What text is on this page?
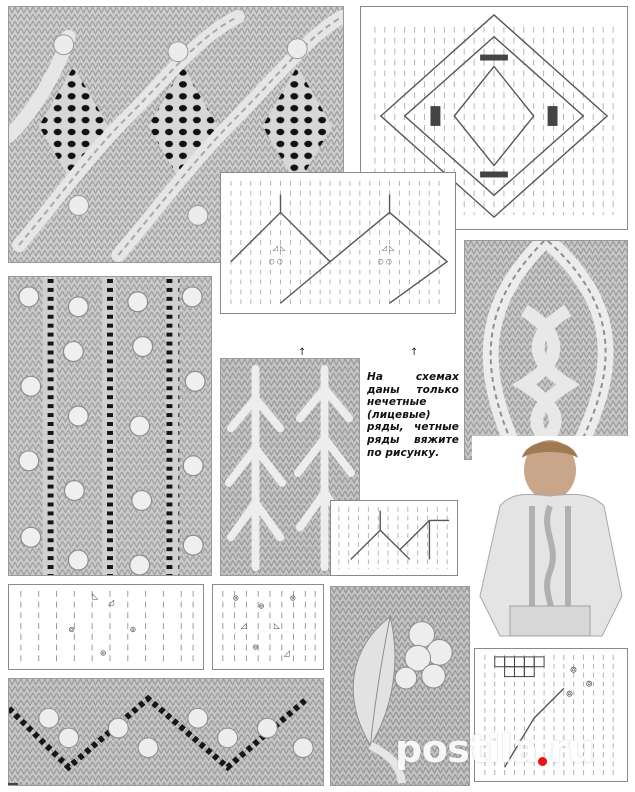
◿ ◺	◿ ◺
○ ○	○ ○
↑	↑
На схемах даны только нечетные (лицевые) ряды, четные ряды вяжите по рисунку.
◺
◿
⊚	⊚
⊚
⊚
⊚
⊚
◿	◺
⊚
◿
⊚
⊚
⊚
postila ru
